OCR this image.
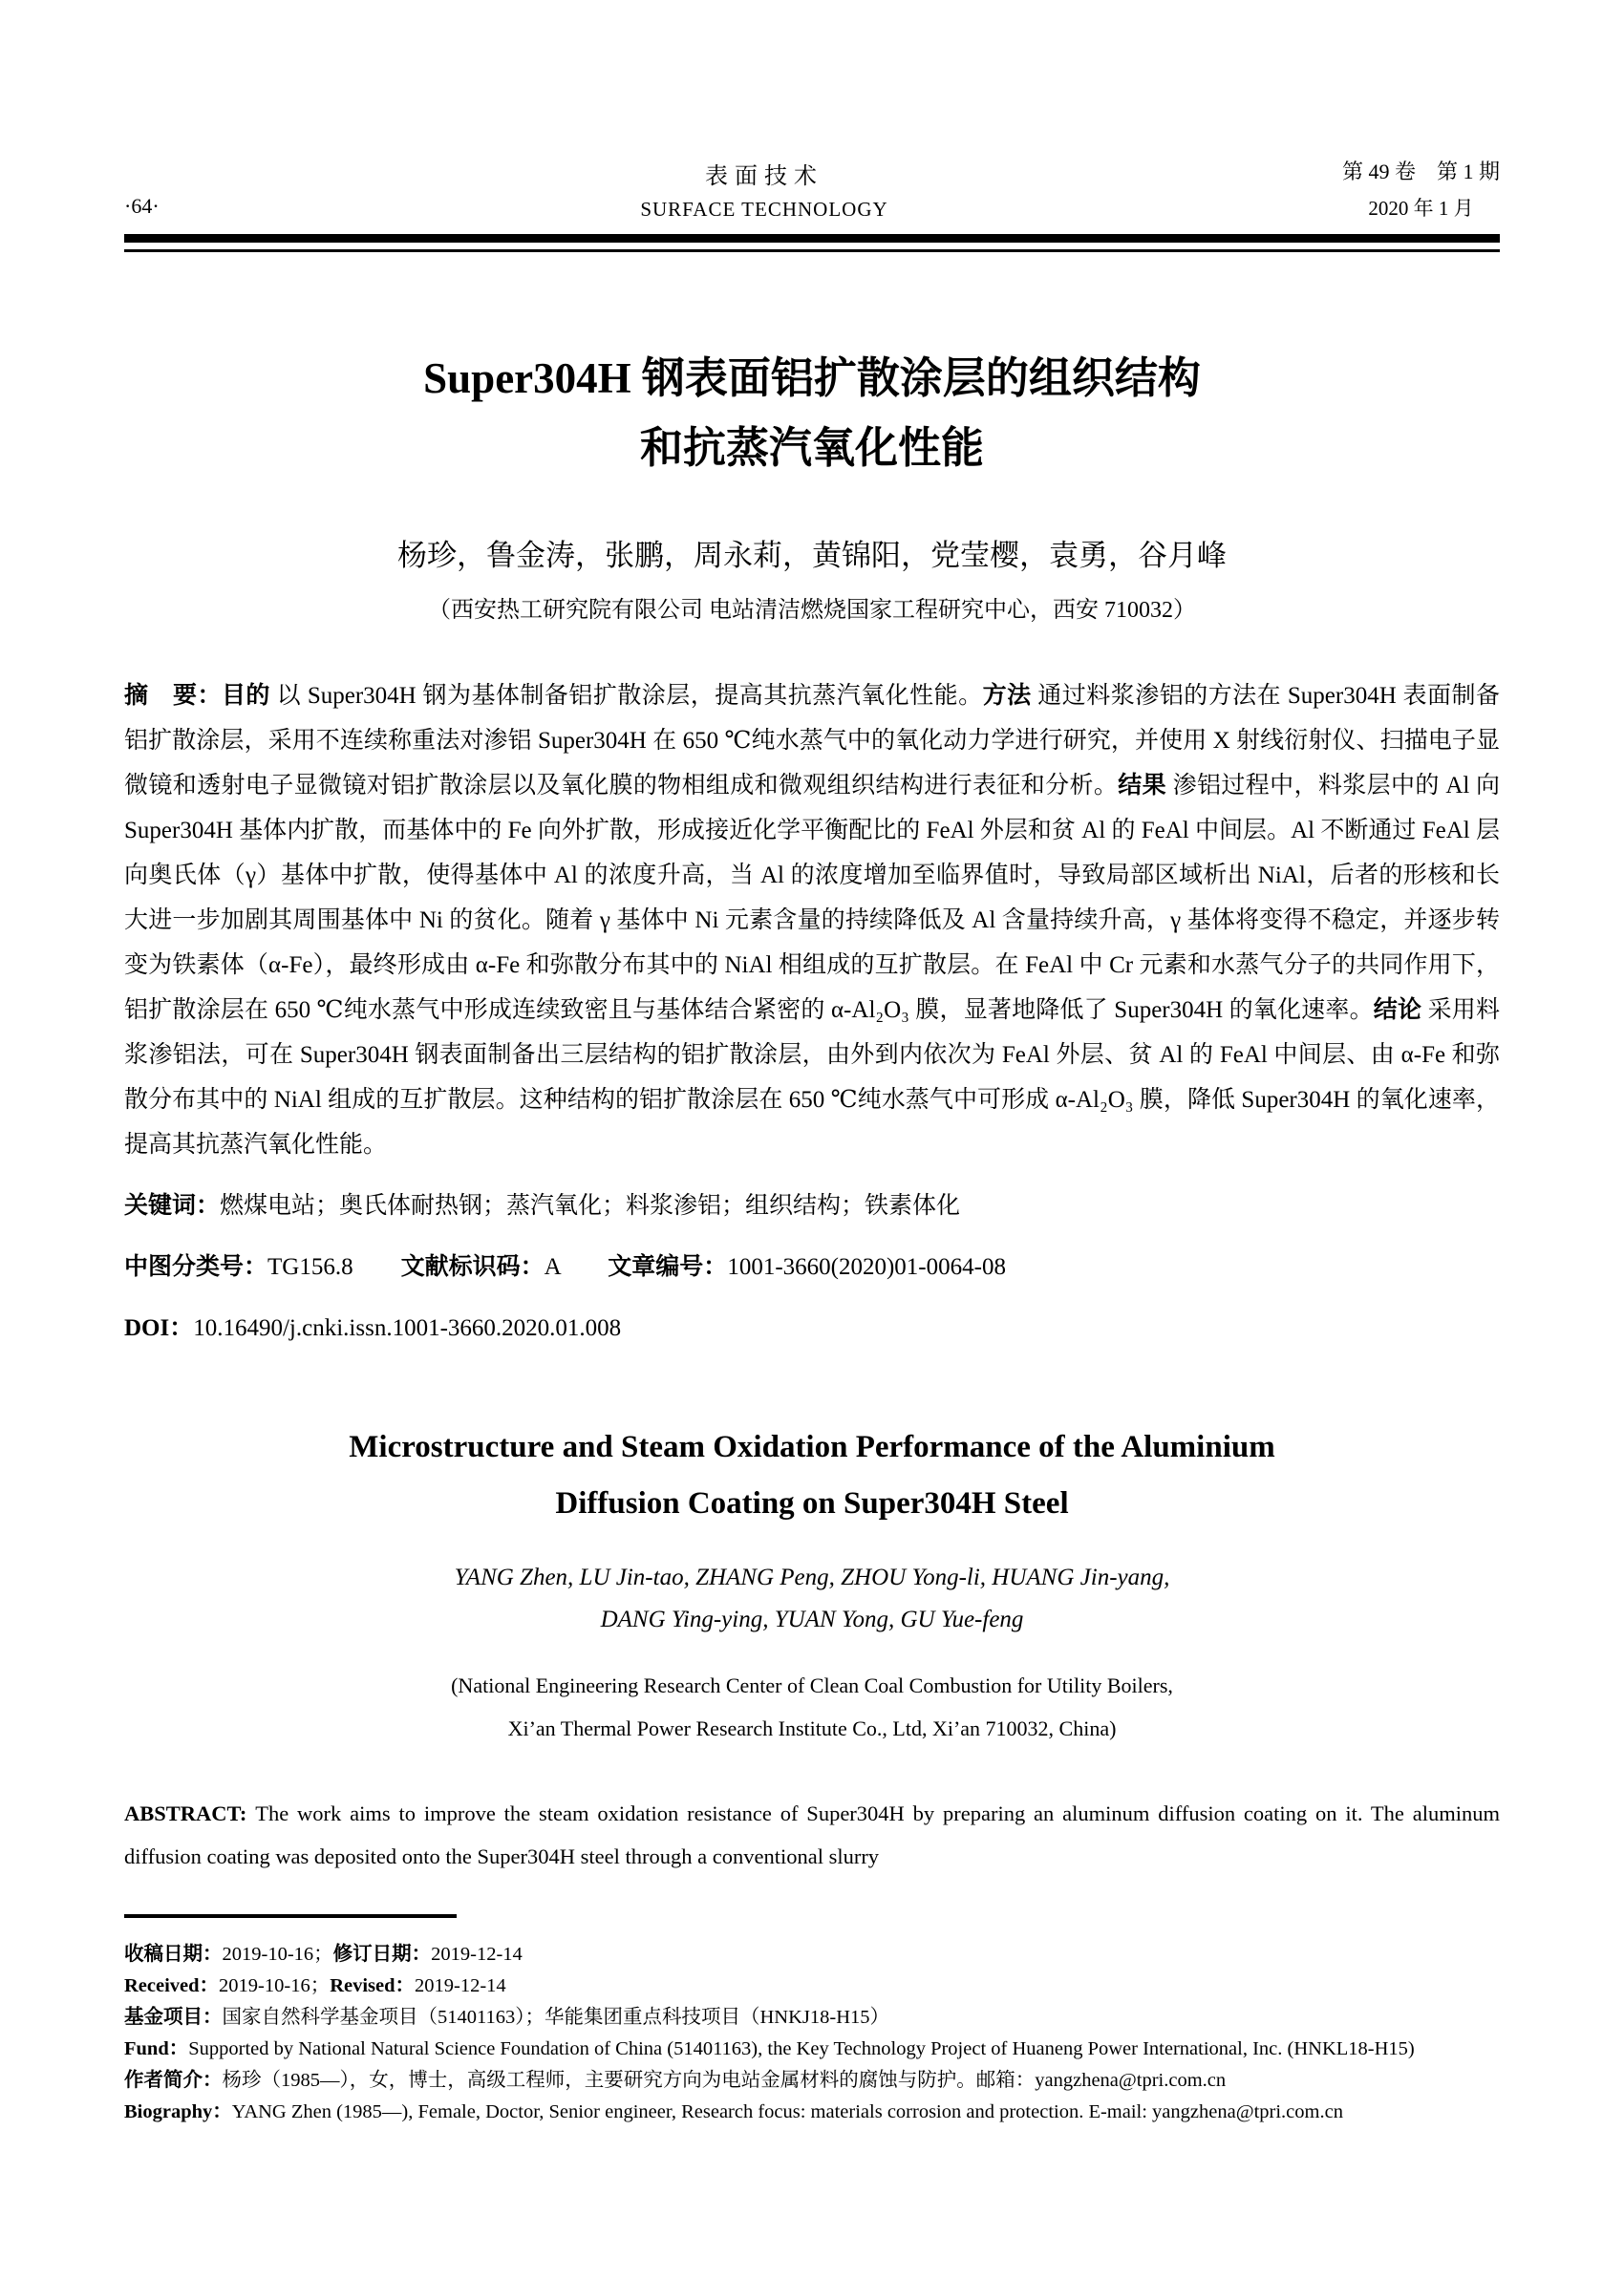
·64·
表面技术
SURFACE TECHNOLOGY
第 49 卷　第 1 期
2020 年 1 月
Super304H 钢表面铝扩散涂层的组织结构
和抗蒸汽氧化性能
杨珍，鲁金涛，张鹏，周永莉，黄锦阳，党莹樱，袁勇，谷月峰
（西安热工研究院有限公司 电站清洁燃烧国家工程研究中心，西安 710032）
摘　要：目的 以 Super304H 钢为基体制备铝扩散涂层，提高其抗蒸汽氧化性能。方法 通过料浆渗铝的方法在 Super304H 表面制备铝扩散涂层，采用不连续称重法对渗铝 Super304H 在 650 ℃纯水蒸气中的氧化动力学进行研究，并使用 X 射线衍射仪、扫描电子显微镜和透射电子显微镜对铝扩散涂层以及氧化膜的物相组成和微观组织结构进行表征和分析。结果 渗铝过程中，料浆层中的 Al 向 Super304H 基体内扩散，而基体中的 Fe 向外扩散，形成接近化学平衡配比的 FeAl 外层和贫 Al 的 FeAl 中间层。Al 不断通过 FeAl 层向奥氏体（γ）基体中扩散，使得基体中 Al 的浓度升高，当 Al 的浓度增加至临界值时，导致局部区域析出 NiAl，后者的形核和长大进一步加剧其周围基体中 Ni 的贫化。随着 γ 基体中 Ni 元素含量的持续降低及 Al 含量持续升高，γ 基体将变得不稳定，并逐步转变为铁素体（α-Fe），最终形成由 α-Fe 和弥散分布其中的 NiAl 相组成的互扩散层。在 FeAl 中 Cr 元素和水蒸气分子的共同作用下，铝扩散涂层在 650 ℃纯水蒸气中形成连续致密且与基体结合紧密的 α-Al₂O₃ 膜，显著地降低了 Super304H 的氧化速率。结论 采用料浆渗铝法，可在 Super304H 钢表面制备出三层结构的铝扩散涂层，由外到内依次为 FeAl 外层、贫 Al 的 FeAl 中间层、由 α-Fe 和弥散分布其中的 NiAl 组成的互扩散层。这种结构的铝扩散涂层在 650 ℃纯水蒸气中可形成 α-Al₂O₃ 膜，降低 Super304H 的氧化速率，提高其抗蒸汽氧化性能。
关键词：燃煤电站；奥氏体耐热钢；蒸汽氧化；料浆渗铝；组织结构；铁素体化
中图分类号：TG156.8　　文献标识码：A　　文章编号：1001-3660(2020)01-0064-08
DOI：10.16490/j.cnki.issn.1001-3660.2020.01.008
Microstructure and Steam Oxidation Performance of the Aluminium
Diffusion Coating on Super304H Steel
YANG Zhen, LU Jin-tao, ZHANG Peng, ZHOU Yong-li, HUANG Jin-yang,
DANG Ying-ying, YUAN Yong, GU Yue-feng
(National Engineering Research Center of Clean Coal Combustion for Utility Boilers,
Xi’an Thermal Power Research Institute Co., Ltd, Xi’an 710032, China)
ABSTRACT: The work aims to improve the steam oxidation resistance of Super304H by preparing an aluminum diffusion coating on it. The aluminum diffusion coating was deposited onto the Super304H steel through a conventional slurry
收稿日期：2019-10-16；修订日期：2019-12-14
Received：2019-10-16；Revised：2019-12-14
基金项目：国家自然科学基金项目（51401163）；华能集团重点科技项目（HNKJ18-H15）
Fund：Supported by National Natural Science Foundation of China (51401163), the Key Technology Project of Huaneng Power International, Inc. (HNKL18-H15)
作者简介：杨珍（1985—），女，博士，高级工程师，主要研究方向为电站金属材料的腐蚀与防护。邮箱：yangzhena@tpri.com.cn
Biography：YANG Zhen (1985—), Female, Doctor, Senior engineer, Research focus: materials corrosion and protection. E-mail: yangzhena@tpri.com.cn
